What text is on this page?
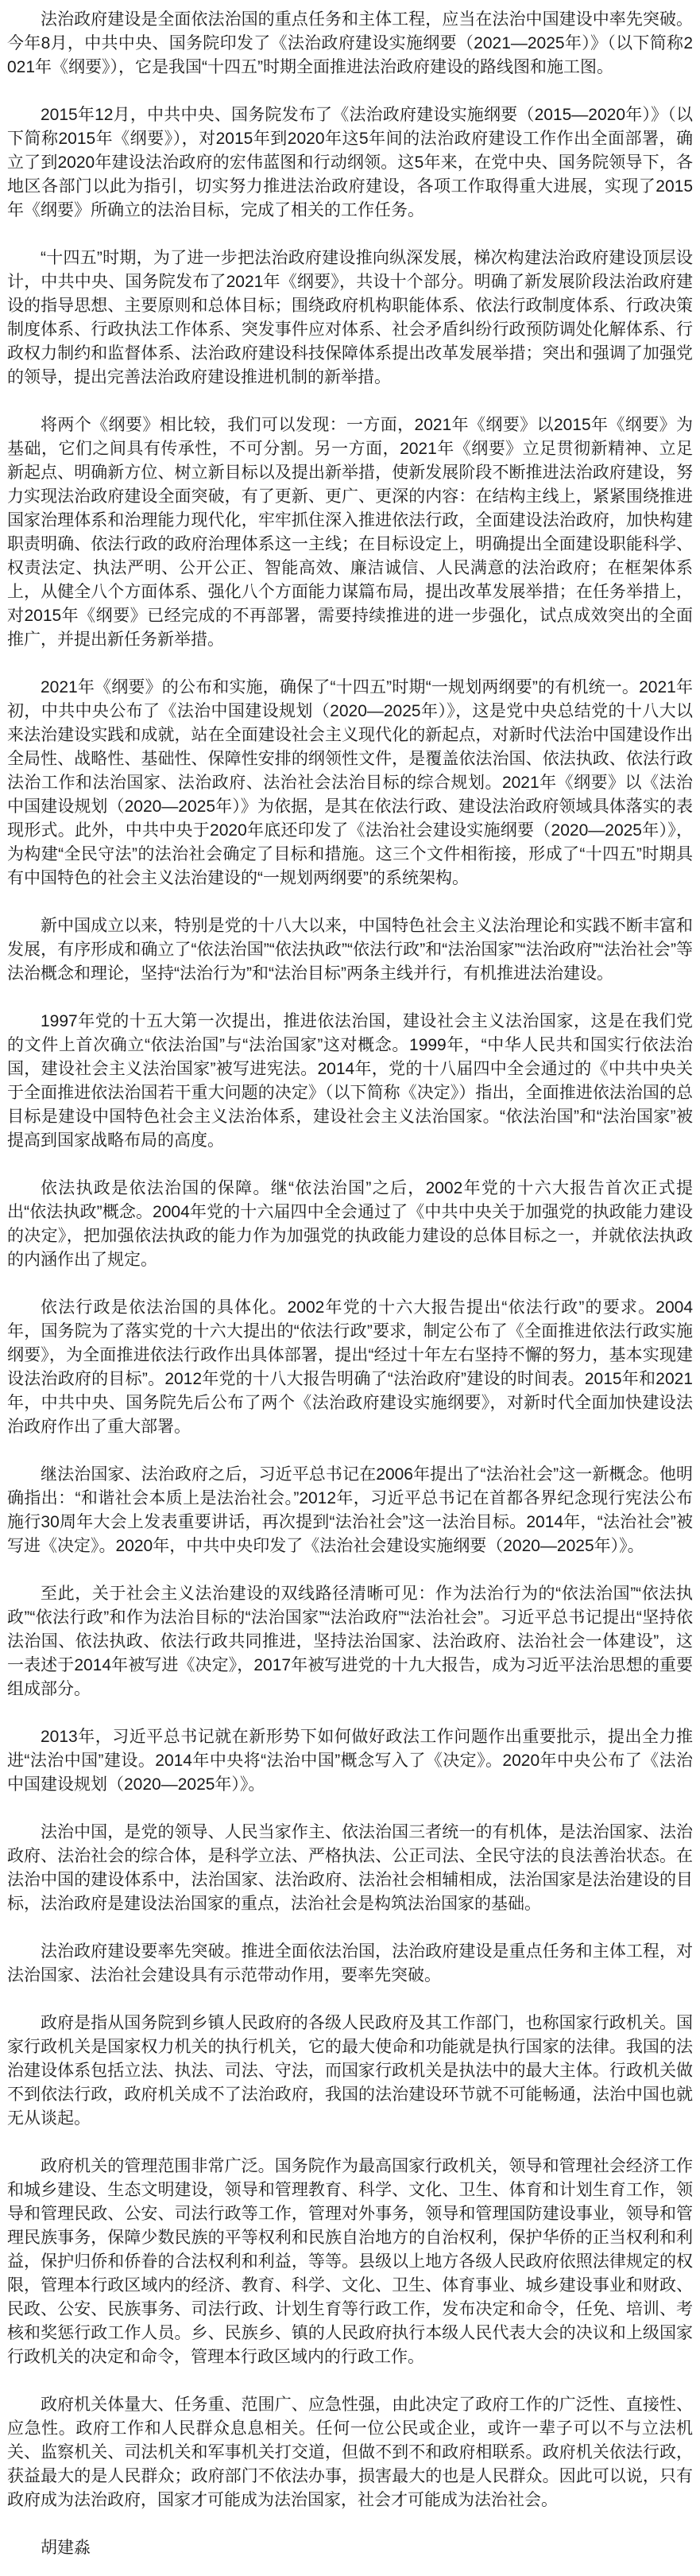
法治政府建设是全面依法治国的重点任务和主体工程，应当在法治中国建设中率先突破。今年8月，中共中央、国务院印发了《法治政府建设实施纲要（2021—2025年）》（以下简称2021年《纲要》），它是我国“十四五”时期全面推进法治政府建设的路线图和施工图。

2015年12月，中共中央、国务院发布了《法治政府建设实施纲要（2015—2020年）》（以下简称2015年《纲要》），对2015年到2020年这5年间的法治政府建设工作作出全面部署，确立了到2020年建设法治政府的宏伟蓝图和行动纲领。这5年来，在党中央、国务院领导下，各地区各部门以此为指引，切实努力推进法治政府建设，各项工作取得重大进展，实现了2015年《纲要》所确立的法治目标，完成了相关的工作任务。

“十四五”时期，为了进一步把法治政府建设推向纵深发展，梯次构建法治政府建设顶层设计，中共中央、国务院发布了2021年《纲要》，共设十个部分。明确了新发展阶段法治政府建设的指导思想、主要原则和总体目标；围绕政府机构职能体系、依法行政制度体系、行政决策制度体系、行政执法工作体系、突发事件应对体系、社会矛盾纠纷行政预防调处化解体系、行政权力制约和监督体系、法治政府建设科技保障体系提出改革发展举措；突出和强调了加强党的领导，提出完善法治政府建设推进机制的新举措。

将两个《纲要》相比较，我们可以发现：一方面，2021年《纲要》以2015年《纲要》为基础，它们之间具有传承性，不可分割。另一方面，2021年《纲要》立足贯彻新精神、立足新起点、明确新方位、树立新目标以及提出新举措，使新发展阶段不断推进法治政府建设，努力实现法治政府建设全面突破，有了更新、更广、更深的内容：在结构主线上，紧紧围绕推进国家治理体系和治理能力现代化，牢牢抓住深入推进依法行政，全面建设法治政府，加快构建职责明确、依法行政的政府治理体系这一主线；在目标设定上，明确提出全面建设职能科学、权责法定、执法严明、公开公正、智能高效、廉洁诚信、人民满意的法治政府；在框架体系上，从健全八个方面体系、强化八个方面能力谋篇布局，提出改革发展举措；在任务举措上，对2015年《纲要》已经完成的不再部署，需要持续推进的进一步强化，试点成效突出的全面推广，并提出新任务新举措。

2021年《纲要》的公布和实施，确保了“十四五”时期“一规划两纲要”的有机统一。2021年初，中共中央公布了《法治中国建设规划（2020—2025年）》，这是党中央总结党的十八大以来法治建设实践和成就，站在全面建设社会主义现代化的新起点，对新时代法治中国建设作出全局性、战略性、基础性、保障性安排的纲领性文件，是覆盖依法治国、依法执政、依法行政法治工作和法治国家、法治政府、法治社会法治目标的综合规划。2021年《纲要》以《法治中国建设规划（2020—2025年）》为依据，是其在依法行政、建设法治政府领域具体落实的表现形式。此外，中共中央于2020年底还印发了《法治社会建设实施纲要（2020—2025年）》，为构建“全民守法”的法治社会确定了目标和措施。这三个文件相衔接，形成了“十四五”时期具有中国特色的社会主义法治建设的“一规划两纲要”的系统架构。

新中国成立以来，特别是党的十八大以来，中国特色社会主义法治理论和实践不断丰富和发展，有序形成和确立了“依法治国”“依法执政”“依法行政”和“法治国家”“法治政府”“法治社会”等法治概念和理论，坚持“法治行为”和“法治目标”两条主线并行，有机推进法治建设。

1997年党的十五大第一次提出，推进依法治国，建设社会主义法治国家，这是在我们党的文件上首次确立“依法治国”与“法治国家”这对概念。1999年，“中华人民共和国实行依法治国，建设社会主义法治国家”被写进宪法。2014年，党的十八届四中全会通过的《中共中央关于全面推进依法治国若干重大问题的决定》（以下简称《决定》）指出，全面推进依法治国的总目标是建设中国特色社会主义法治体系，建设社会主义法治国家。“依法治国”和“法治国家”被提高到国家战略布局的高度。

依法执政是依法治国的保障。继“依法治国”之后，2002年党的十六大报告首次正式提出“依法执政”概念。2004年党的十六届四中全会通过了《中共中央关于加强党的执政能力建设的决定》，把加强依法执政的能力作为加强党的执政能力建设的总体目标之一，并就依法执政的内涵作出了规定。

依法行政是依法治国的具体化。2002年党的十六大报告提出“依法行政”的要求。2004年，国务院为了落实党的十六大提出的“依法行政”要求，制定公布了《全面推进依法行政实施纲要》，为全面推进依法行政作出具体部署，提出“经过十年左右坚持不懈的努力，基本实现建设法治政府的目标”。2012年党的十八大报告明确了“法治政府”建设的时间表。2015年和2021年，中共中央、国务院先后公布了两个《法治政府建设实施纲要》，对新时代全面加快建设法治政府作出了重大部署。

继法治国家、法治政府之后，习近平总书记在2006年提出了“法治社会”这一新概念。他明确指出：“和谐社会本质上是法治社会。”2012年，习近平总书记在首都各界纪念现行宪法公布施行30周年大会上发表重要讲话，再次提到“法治社会”这一法治目标。2014年，“法治社会”被写进《决定》。2020年，中共中央印发了《法治社会建设实施纲要（2020—2025年）》。

至此，关于社会主义法治建设的双线路径清晰可见：作为法治行为的“依法治国”“依法执政”“依法行政”和作为法治目标的“法治国家”“法治政府”“法治社会”。习近平总书记提出“坚持依法治国、依法执政、依法行政共同推进，坚持法治国家、法治政府、法治社会一体建设”，这一表述于2014年被写进《决定》，2017年被写进党的十九大报告，成为习近平法治思想的重要组成部分。

2013年，习近平总书记就在新形势下如何做好政法工作问题作出重要批示，提出全力推进“法治中国”建设。2014年中央将“法治中国”概念写入了《决定》。2020年中央公布了《法治中国建设规划（2020—2025年）》。

法治中国，是党的领导、人民当家作主、依法治国三者统一的有机体，是法治国家、法治政府、法治社会的综合体，是科学立法、严格执法、公正司法、全民守法的良法善治状态。在法治中国的建设体系中，法治国家、法治政府、法治社会相辅相成，法治国家是法治建设的目标，法治政府是建设法治国家的重点，法治社会是构筑法治国家的基础。

法治政府建设要率先突破。推进全面依法治国，法治政府建设是重点任务和主体工程，对法治国家、法治社会建设具有示范带动作用，要率先突破。

政府是指从国务院到乡镇人民政府的各级人民政府及其工作部门，也称国家行政机关。国家行政机关是国家权力机关的执行机关，它的最大使命和功能就是执行国家的法律。我国的法治建设体系包括立法、执法、司法、守法，而国家行政机关是执法中的最大主体。行政机关做不到依法行政，政府机关成不了法治政府，我国的法治建设环节就不可能畅通，法治中国也就无从谈起。

政府机关的管理范围非常广泛。国务院作为最高国家行政机关，领导和管理社会经济工作和城乡建设、生态文明建设，领导和管理教育、科学、文化、卫生、体育和计划生育工作，领导和管理民政、公安、司法行政等工作，管理对外事务，领导和管理国防建设事业，领导和管理民族事务，保障少数民族的平等权利和民族自治地方的自治权利，保护华侨的正当权利和利益，保护归侨和侨眷的合法权利和利益，等等。县级以上地方各级人民政府依照法律规定的权限，管理本行政区域内的经济、教育、科学、文化、卫生、体育事业、城乡建设事业和财政、民政、公安、民族事务、司法行政、计划生育等行政工作，发布决定和命令，任免、培训、考核和奖惩行政工作人员。乡、民族乡、镇的人民政府执行本级人民代表大会的决议和上级国家行政机关的决定和命令，管理本行政区域内的行政工作。

政府机关体量大、任务重、范围广、应急性强，由此决定了政府工作的广泛性、直接性、应急性。政府工作和人民群众息息相关。任何一位公民或企业，或许一辈子可以不与立法机关、监察机关、司法机关和军事机关打交道，但做不到不和政府相联系。政府机关依法行政，获益最大的是人民群众；政府部门不依法办事，损害最大的也是人民群众。因此可以说，只有政府成为法治政府，国家才可能成为法治国家，社会才可能成为法治社会。

胡建淼
